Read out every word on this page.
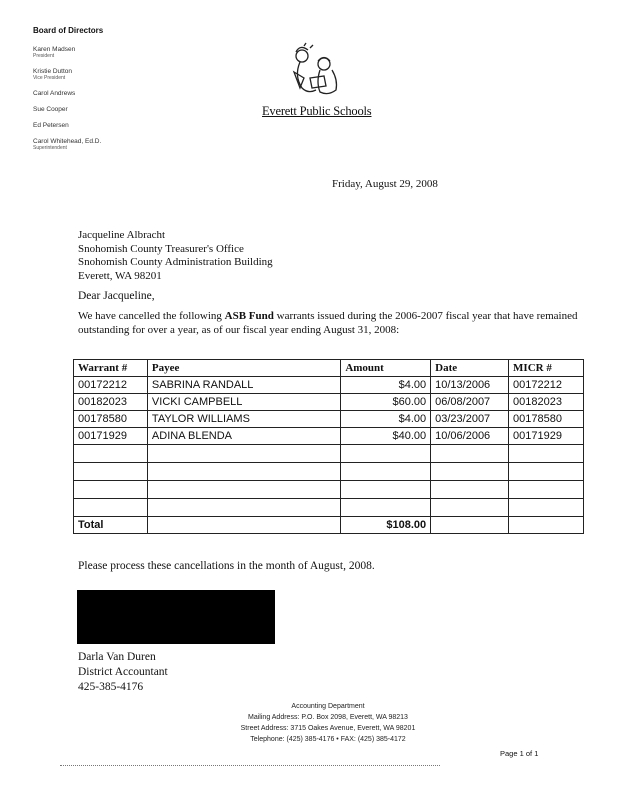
Board of Directors
Karen Madsen
President
Kristie Dutton
Vice President
Carol Andrews
Sue Cooper
Ed Petersen
Carol Whitehead, Ed.D.
Superintendent
Everett Public Schools
Friday, August 29, 2008
Jacqueline Albracht
Snohomish County Treasurer's Office
Snohomish County Administration Building
Everett, WA 98201
Dear Jacqueline,
We have cancelled the following ASB Fund warrants issued during the 2006-2007 fiscal year that have remained outstanding for over a year, as of our fiscal year ending August 31, 2008:
Warrant #	Payee	Amount	Date	MICR #
00172212	SABRINA RANDALL	$4.00	10/13/2006	00172212
00182023	VICKI CAMPBELL	$60.00	06/08/2007	00182023
00178580	TAYLOR WILLIAMS	$4.00	03/23/2007	00178580
00171929	ADINA BLENDA	$40.00	10/06/2006	00171929

Total		$108.00		
Please process these cancellations in the month of August, 2008.
Darla Van Duren
District Accountant
425-385-4176
Accounting Department
Mailing Address: P.O. Box 2098, Everett, WA 98213
Street Address: 3715 Oakes Avenue, Everett, WA 98201
Telephone: (425) 385-4176 • FAX: (425) 385-4172
Page 1 of 1
